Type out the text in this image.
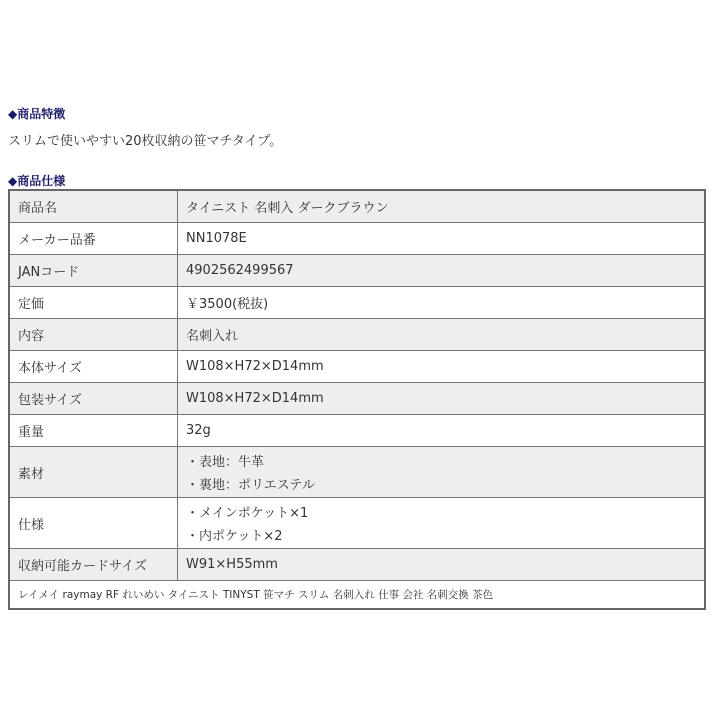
◆商品特徴
スリムで使いやすい20枚収納の笹マチタイプ。
◆商品仕様
商品名	タイニスト 名刺入 ダークブラウン

メーカー品番	NN1078E

JANコード	4902562499567

定価	￥3500(税抜)

内容	名刺入れ

本体サイズ	W108×H72×D14mm

包装サイズ	W108×H72×D14mm

重量	32g

素材	・表地：牛革
・裏地：ポリエステル

仕様	・メインポケット×1
・内ポケット×2

収納可能カードサイズ	W91×H55mm

レイメイ raymay RF れいめい タイニスト TINYST 笹マチ スリム 名刺入れ 仕事 会社 名刺交換 茶色	
